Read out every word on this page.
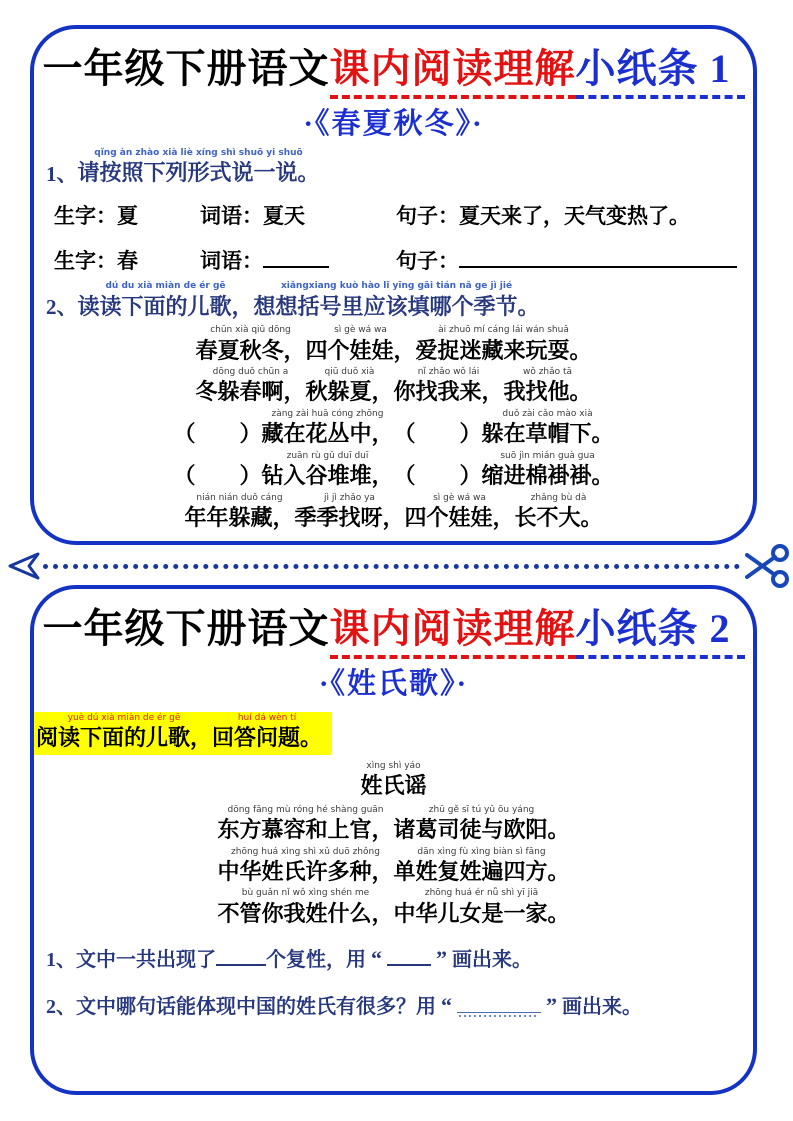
一年级下册语文课内阅读理解小纸条 1
·《春夏秋冬》·
1、
qǐng àn zhào xià liè xíng shì shuō yi shuō
请按照下列形式说一说。
生字：夏	词语：夏天	句子：夏天来了，天气变热了。
生字：春	词语：	句子：
2、
dú du xià miàn de ér gē
读读下面的儿歌，
xiǎngxiang kuò hào lǐ yīng gāi tián nǎ ge jì jié
想想括号里应该填哪个季节。
chūn xià qiū dōng
春夏秋冬，
sì gè wá wa
四个娃娃，
ài zhuō mí cáng lái wán shuǎ
爱捉迷藏来玩耍。
dōng duǒ chūn a
冬躲春啊，
qiū duǒ xià
秋躲夏，
nǐ zhǎo wǒ lái
你找我来，
wǒ zhǎo tā
我找他。

（　　）
zàng zài huā cóng zhōng
藏在花丛中，
（　　）
duǒ zài cǎo mào xià
躲在草帽下。

（　　）
zuān rù gǔ duī duī
钻入谷堆堆，
（　　）
suō jìn mián guà gua
缩进棉褂褂。
nián nián duǒ cáng
年年躲藏，
jì jì zhǎo ya
季季找呀，
sì gè wá wa
四个娃娃，
zhǎng bù dà
长不大。
一年级下册语文课内阅读理解小纸条 2
·《姓氏歌》·
yuè dú xià miàn de ér gē
阅读下面的儿歌，
huí dá wèn tí
回答问题。
xìng shì yáo
姓氏谣
dōng fāng mù róng hé shàng guān
东方慕容和上官，
zhū gě sī tú yǔ ōu yáng
诸葛司徒与欧阳。
zhōng huá xìng shì xǔ duō zhǒng
中华姓氏许多种，
dān xìng fù xìng biàn sì fāng
单姓复姓遍四方。
bù guǎn nǐ wǒ xìng shén me
不管你我姓什么，
zhōng huá ér nǚ shì yī jiā
中华儿女是一家。
1、文中一共出现了	个复性，用 “ ” 画出来。
2、文中哪句话能体现中国的姓氏有很多？用 “	” 画出来。
